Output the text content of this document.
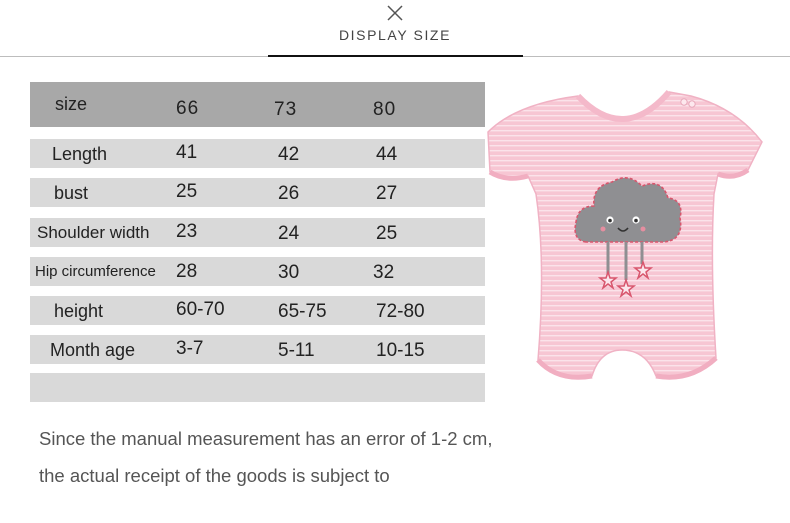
DISPLAY SIZE
size	66	73	80
Length	41	42	44
bust	25	26	27
Shoulder width 23	24	25
Hip circumference 28	30	32
height	60-70	65-75	72-80
Month age 3-7	5-11	10-15
Since the manual measurement has an error of 1-2 cm,
the actual receipt of the goods is subject to
